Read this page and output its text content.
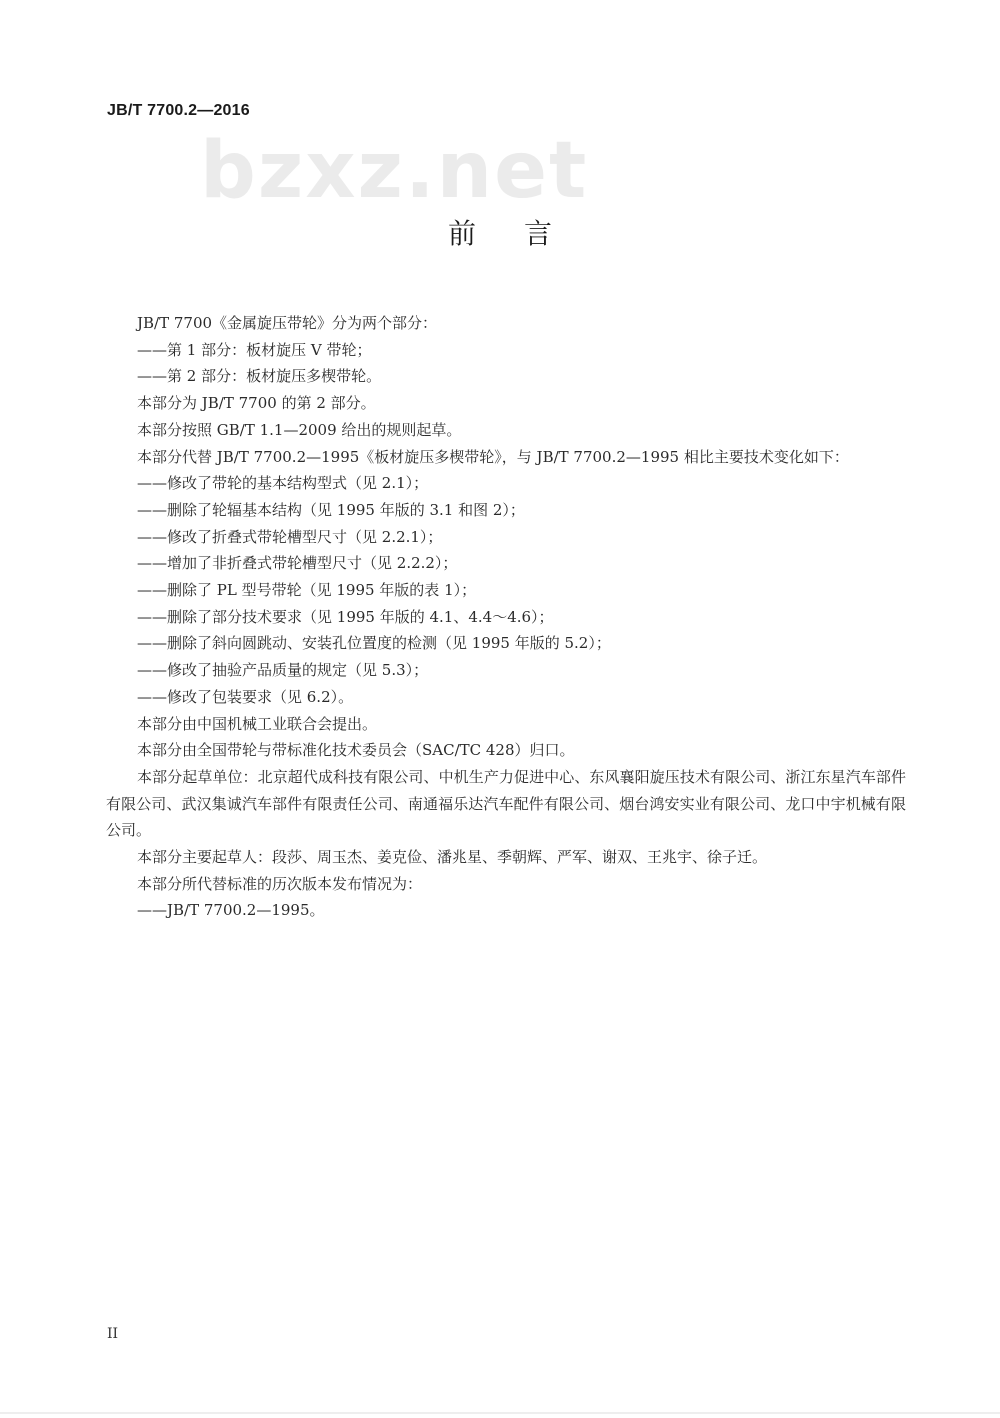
JB/T 7700.2—2016
bzxz.net
前言

JB/T 7700《金属旋压带轮》分为两个部分：

——第 1 部分：板材旋压 V 带轮；

——第 2 部分：板材旋压多楔带轮。

本部分为 JB/T 7700 的第 2 部分。

本部分按照 GB/T 1.1—2009 给出的规则起草。

本部分代替 JB/T 7700.2—1995《板材旋压多楔带轮》，与 JB/T 7700.2—1995 相比主要技术变化如下：

——修改了带轮的基本结构型式（见 2.1）；

——删除了轮辐基本结构（见 1995 年版的 3.1 和图 2）；

——修改了折叠式带轮槽型尺寸（见 2.2.1）；

——增加了非折叠式带轮槽型尺寸（见 2.2.2）；

——删除了 PL 型号带轮（见 1995 年版的表 1）；

——删除了部分技术要求（见 1995 年版的 4.1、4.4～4.6）；

——删除了斜向圆跳动、安装孔位置度的检测（见 1995 年版的 5.2）；

——修改了抽验产品质量的规定（见 5.3）；

——修改了包装要求（见 6.2）。

本部分由中国机械工业联合会提出。

本部分由全国带轮与带标准化技术委员会（SAC/TC 428）归口。

本部分起草单位：北京超代成科技有限公司、中机生产力促进中心、东风襄阳旋压技术有限公司、浙江东星汽车部件有限公司、武汉集诚汽车部件有限责任公司、南通福乐达汽车配件有限公司、烟台鸿安实业有限公司、龙口中宇机械有限公司。

本部分主要起草人：段莎、周玉杰、姜克俭、潘兆星、季朝辉、严军、谢双、王兆宇、徐子迁。

本部分所代替标准的历次版本发布情况为：

——JB/T 7700.2—1995。

II
